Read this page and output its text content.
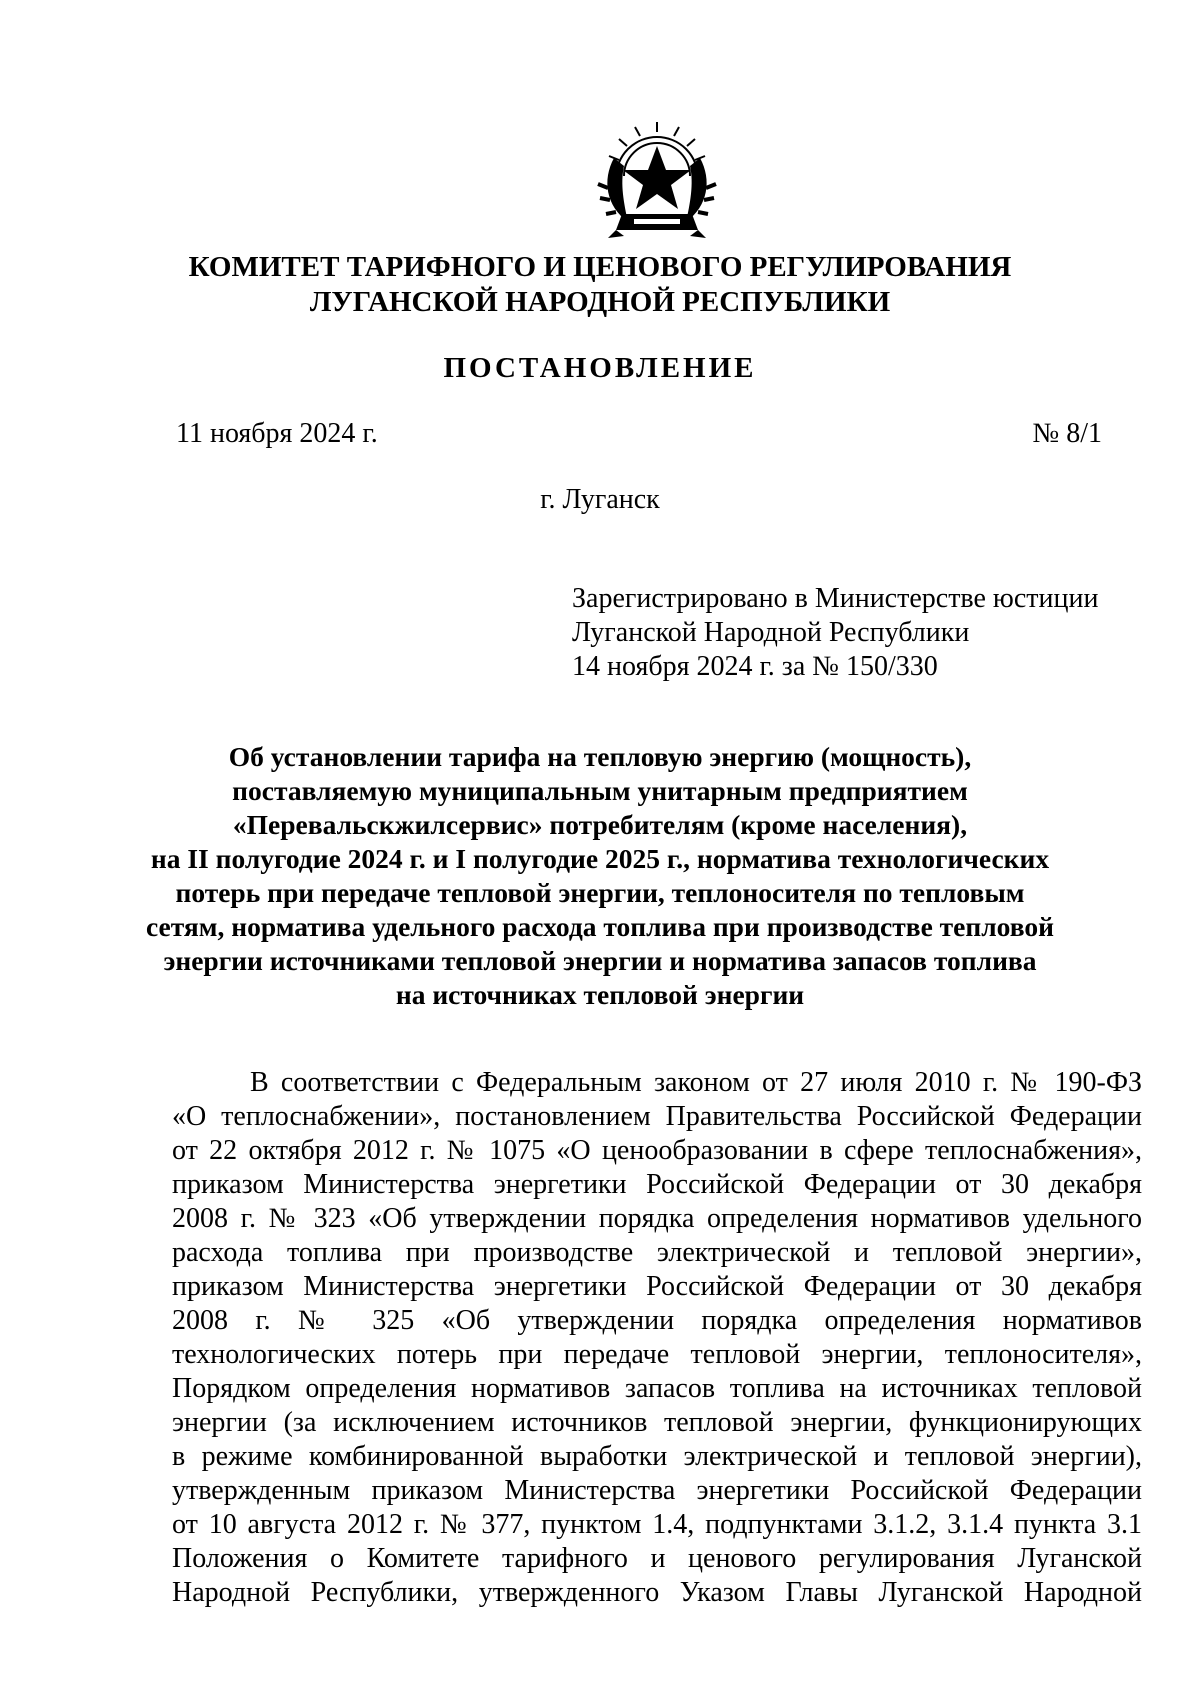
КОМИТЕТ ТАРИФНОГО И ЦЕНОВОГО РЕГУЛИРОВАНИЯ
ЛУГАНСКОЙ НАРОДНОЙ РЕСПУБЛИКИ
ПОСТАНОВЛЕНИЕ
11 ноября 2024 г.	№ 8/1
г. Луганск
Зарегистрировано в Министерстве юстиции
Луганской Народной Республики
14 ноября 2024 г. за № 150/330
Об установлении тарифа на тепловую энергию (мощность),
поставляемую муниципальным унитарным предприятием
«Перевальскжилсервис» потребителям (кроме населения),
на II полугодие 2024 г. и I полугодие 2025 г., норматива технологических
потерь при передаче тепловой энергии, теплоносителя по тепловым
сетям, норматива удельного расхода топлива при производстве тепловой
энергии источниками тепловой энергии и норматива запасов топлива
на источниках тепловой энергии
В соответствии с Федеральным законом от 27 июля 2010 г. № 190-ФЗ
«О теплоснабжении», постановлением Правительства Российской Федерации
от 22 октября 2012 г. № 1075 «О ценообразовании в сфере теплоснабжения»,
приказом Министерства энергетики Российской Федерации от 30 декабря
2008 г. № 323 «Об утверждении порядка определения нормативов удельного
расхода топлива при производстве электрической и тепловой энергии»,
приказом Министерства энергетики Российской Федерации от 30 декабря
2008 г. № 325 «Об утверждении порядка определения нормативов
технологических потерь при передаче тепловой энергии, теплоносителя»,
Порядком определения нормативов запасов топлива на источниках тепловой
энергии (за исключением источников тепловой энергии, функционирующих
в режиме комбинированной выработки электрической и тепловой энергии),
утвержденным приказом Министерства энергетики Российской Федерации
от 10 августа 2012 г. № 377, пунктом 1.4, подпунктами 3.1.2, 3.1.4 пункта 3.1
Положения о Комитете тарифного и ценового регулирования Луганской
Народной Республики, утвержденного Указом Главы Луганской Народной
